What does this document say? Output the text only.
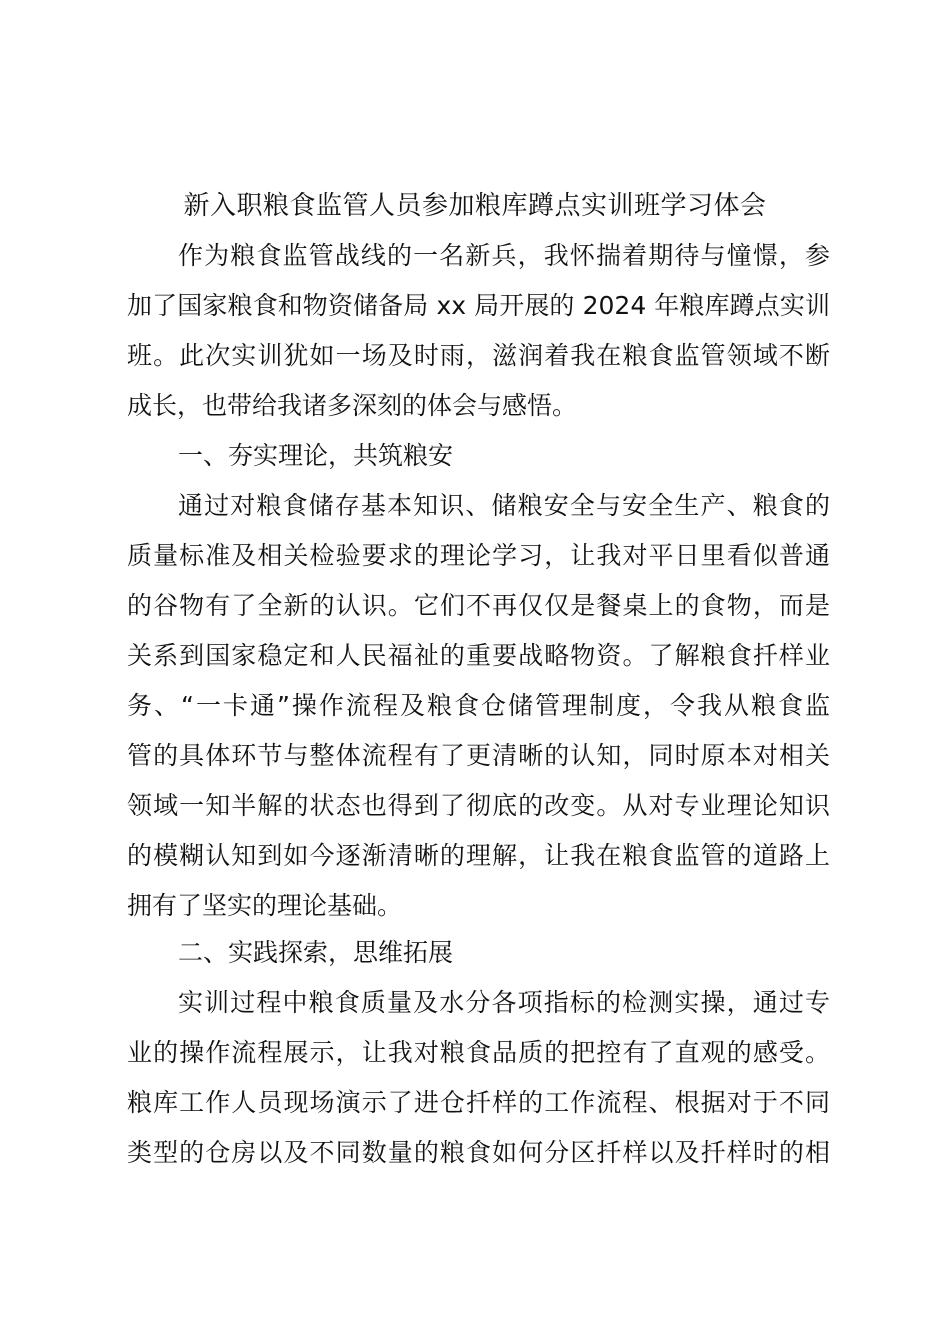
新入职粮食监管人员参加粮库蹲点实训班学习体会
作为粮食监管战线的一名新兵，我怀揣着期待与憧憬，参
加了国家粮食和物资储备局 xx 局开展的 2024 年粮库蹲点实训
班。此次实训犹如一场及时雨，滋润着我在粮食监管领域不断
成长，也带给我诸多深刻的体会与感悟。
一、夯实理论，共筑粮安
通过对粮食储存基本知识、储粮安全与安全生产、粮食的
质量标准及相关检验要求的理论学习，让我对平日里看似普通
的谷物有了全新的认识。它们不再仅仅是餐桌上的食物，而是
关系到国家稳定和人民福祉的重要战略物资。了解粮食扦样业
务、“一卡通”操作流程及粮食仓储管理制度，令我从粮食监
管的具体环节与整体流程有了更清晰的认知，同时原本对相关
领域一知半解的状态也得到了彻底的改变。从对专业理论知识
的模糊认知到如今逐渐清晰的理解，让我在粮食监管的道路上
拥有了坚实的理论基础。
二、实践探索，思维拓展
实训过程中粮食质量及水分各项指标的检测实操，通过专
业的操作流程展示，让我对粮食品质的把控有了直观的感受。
粮库工作人员现场演示了进仓扦样的工作流程、根据对于不同
类型的仓房以及不同数量的粮食如何分区扦样以及扦样时的相
